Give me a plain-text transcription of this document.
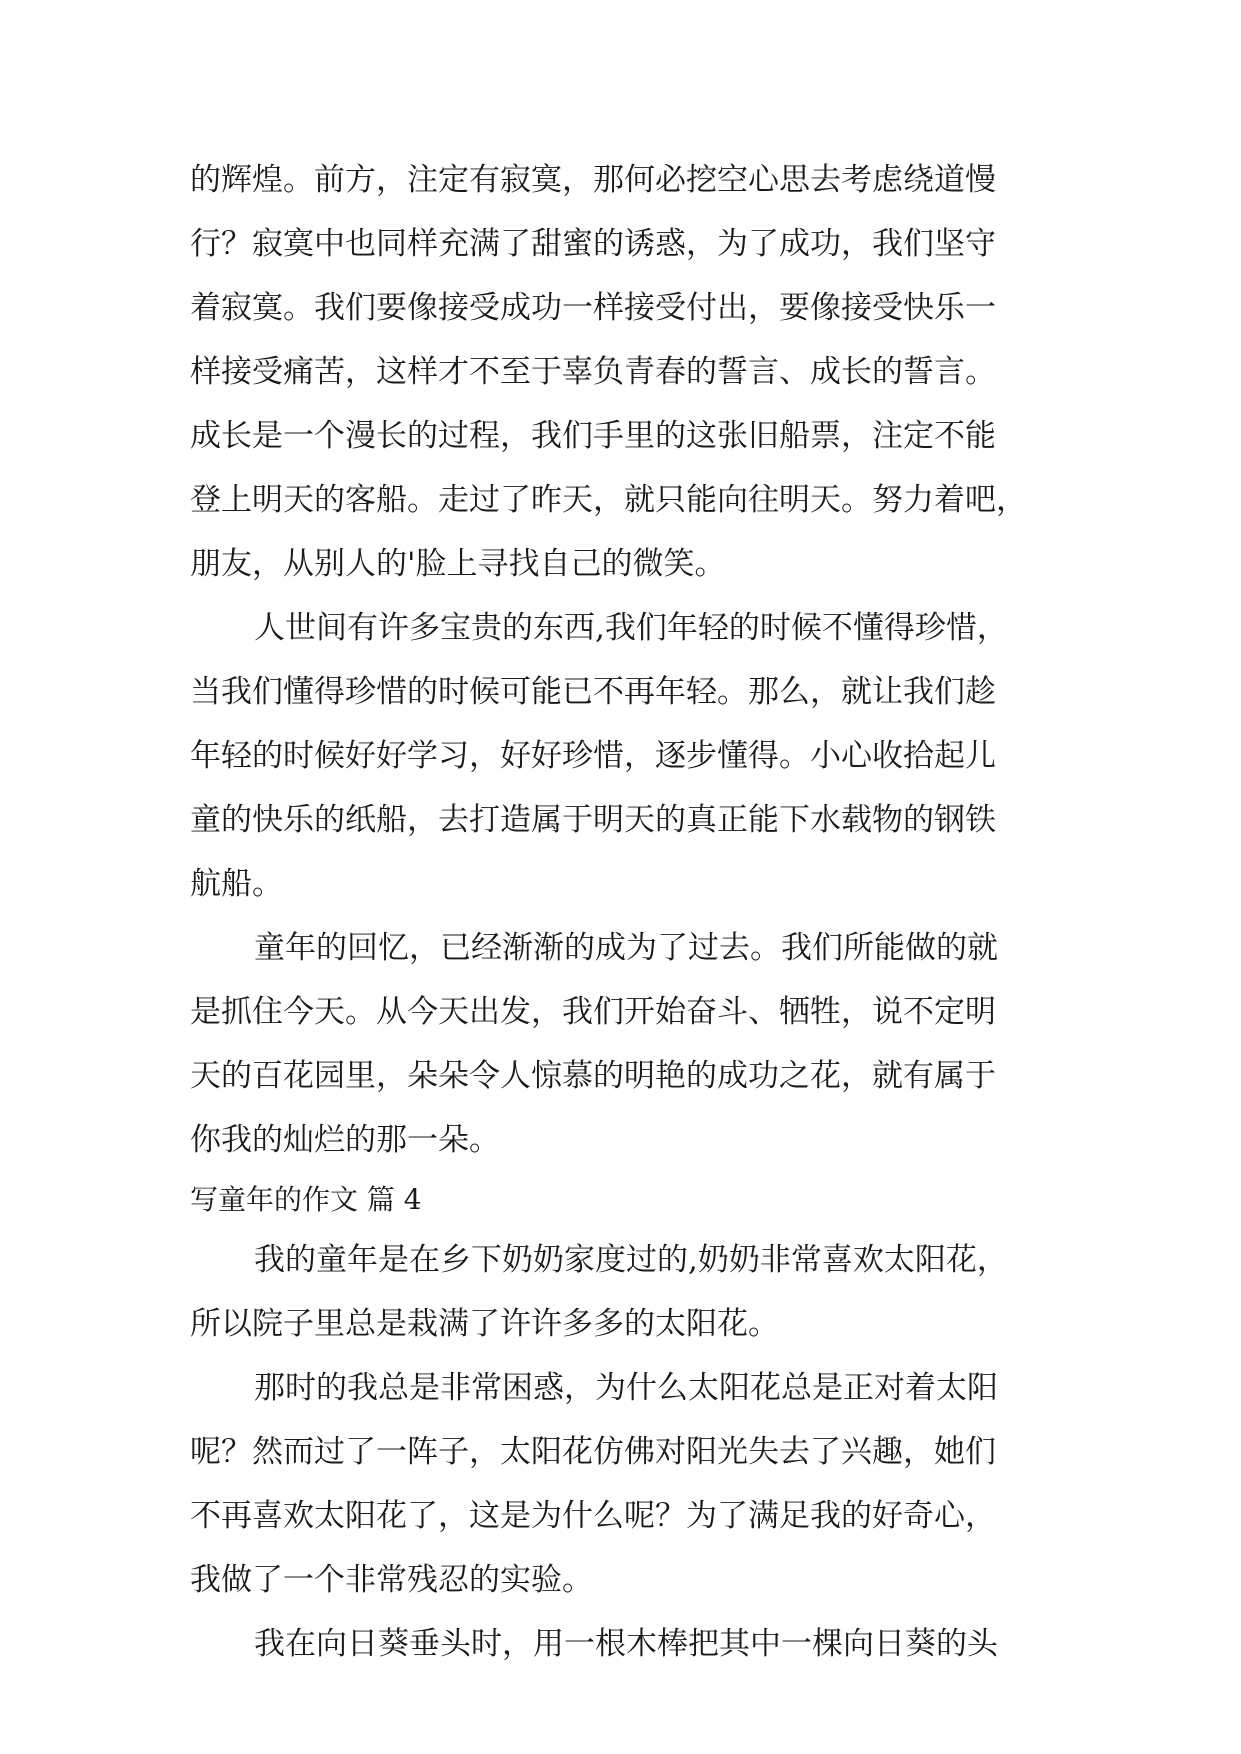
的辉煌。前方，注定有寂寞，那何必挖空心思去考虑绕道慢
行？寂寞中也同样充满了甜蜜的诱惑，为了成功，我们坚守
着寂寞。我们要像接受成功一样接受付出，要像接受快乐一
样接受痛苦，这样才不至于辜负青春的誓言、成长的誓言。
成长是一个漫长的过程，我们手里的这张旧船票，注定不能
登上明天的客船。走过了昨天，就只能向往明天。努力着吧，
朋友，从别人的'脸上寻找自己的微笑。
人世间有许多宝贵的东西,我们年轻的时候不懂得珍惜，
当我们懂得珍惜的时候可能已不再年轻。那么，就让我们趁
年轻的时候好好学习，好好珍惜，逐步懂得。小心收拾起儿
童的快乐的纸船，去打造属于明天的真正能下水载物的钢铁
航船。
童年的回忆，已经渐渐的成为了过去。我们所能做的就
是抓住今天。从今天出发，我们开始奋斗、牺牲，说不定明
天的百花园里，朵朵令人惊慕的明艳的成功之花，就有属于
你我的灿烂的那一朵。
写童年的作文 篇 4
我的童年是在乡下奶奶家度过的,奶奶非常喜欢太阳花，
所以院子里总是栽满了许许多多的太阳花。
那时的我总是非常困惑，为什么太阳花总是正对着太阳
呢？然而过了一阵子，太阳花仿佛对阳光失去了兴趣，她们
不再喜欢太阳花了，这是为什么呢？为了满足我的好奇心，
我做了一个非常残忍的实验。
我在向日葵垂头时，用一根木棒把其中一棵向日葵的头
